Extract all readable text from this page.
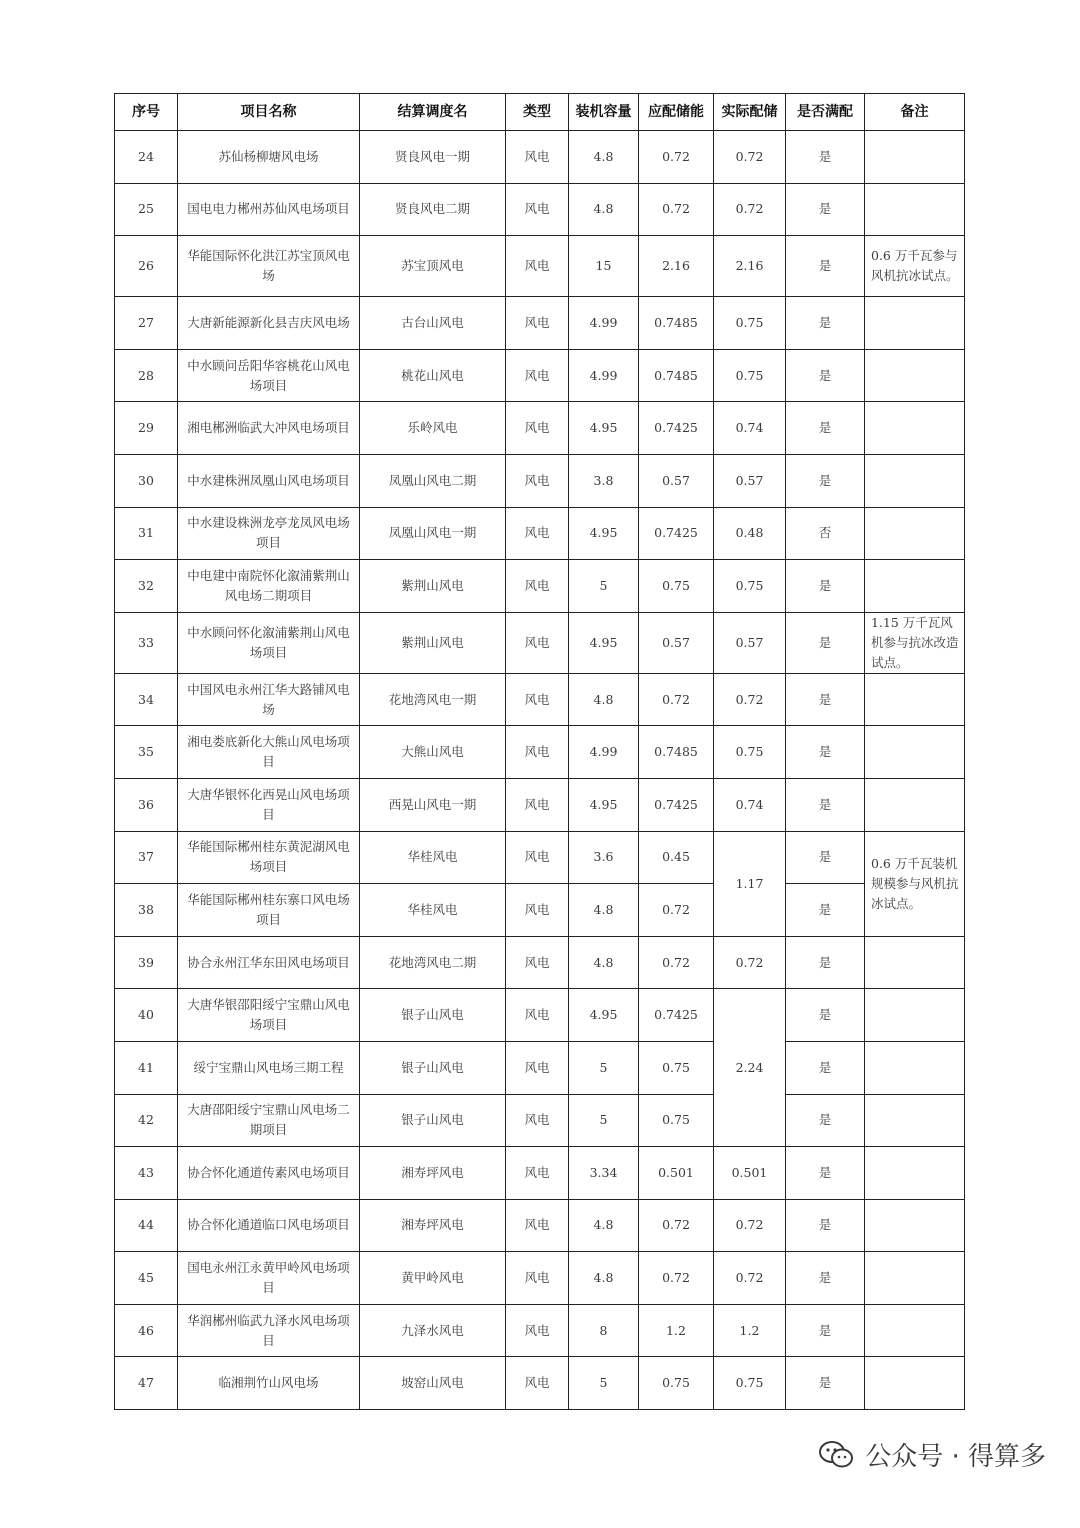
序号	项目名称	结算调度名	类型	装机容量	应配储能	实际配储	是否满配	备注
24	苏仙杨柳塘风电场	贤良风电一期	风电	4.8	0.72	0.72	是	
25	国电电力郴州苏仙风电场项目	贤良风电二期	风电	4.8	0.72	0.72	是	
26	华能国际怀化洪江苏宝顶风电场	苏宝顶风电	风电	15	2.16	2.16	是	0.6 万千瓦参与风机抗冰试点。
27	大唐新能源新化县吉庆风电场	古台山风电	风电	4.99	0.7485	0.75	是	
28	中水顾问岳阳华容桃花山风电场项目	桃花山风电	风电	4.99	0.7485	0.75	是	
29	湘电郴洲临武大冲风电场项目	乐岭风电	风电	4.95	0.7425	0.74	是	
30	中水建株洲凤凰山风电场项目	凤凰山风电二期	风电	3.8	0.57	0.57	是	
31	中水建设株洲龙亭龙凤风电场项目	凤凰山风电一期	风电	4.95	0.7425	0.48	否	
32	中电建中南院怀化溆浦紫荆山风电场二期项目	紫荆山风电	风电	5	0.75	0.75	是	
33	中水顾问怀化溆浦紫荆山风电场项目	紫荆山风电	风电	4.95	0.57	0.57	是	1.15 万千瓦风机参与抗冰改造试点。
34	中国风电永州江华大路铺风电场	花地湾风电一期	风电	4.8	0.72	0.72	是	
35	湘电娄底新化大熊山风电场项目	大熊山风电	风电	4.99	0.7485	0.75	是	
36	大唐华银怀化西晃山风电场项目	西晃山风电一期	风电	4.95	0.7425	0.74	是	
37	华能国际郴州桂东黄泥湖风电场项目	华桂风电	风电	3.6	0.45	1.17	是	0.6 万千瓦装机规模参与风机抗冰试点。
38	华能国际郴州桂东寨口风电场项目	华桂风电	风电	4.8	0.72		是	
39	协合永州江华东田风电场项目	花地湾风电二期	风电	4.8	0.72	0.72	是	
40	大唐华银邵阳绥宁宝鼎山风电场项目	银子山风电	风电	4.95	0.7425	2.24	是	
41	绥宁宝鼎山风电场三期工程	银子山风电	风电	5	0.75		是	
42	大唐邵阳绥宁宝鼎山风电场二期项目	银子山风电	风电	5	0.75		是	
43	协合怀化通道传素风电场项目	湘寿坪风电	风电	3.34	0.501	0.501	是	
44	协合怀化通道临口风电场项目	湘寿坪风电	风电	4.8	0.72	0.72	是	
45	国电永州江永黄甲岭风电场项目	黄甲岭风电	风电	4.8	0.72	0.72	是	
46	华润郴州临武九泽水风电场项目	九泽水风电	风电	8	1.2	1.2	是	
47	临湘荆竹山风电场	坡窑山风电	风电	5	0.75	0.75	是	
公众号 · 得算多
